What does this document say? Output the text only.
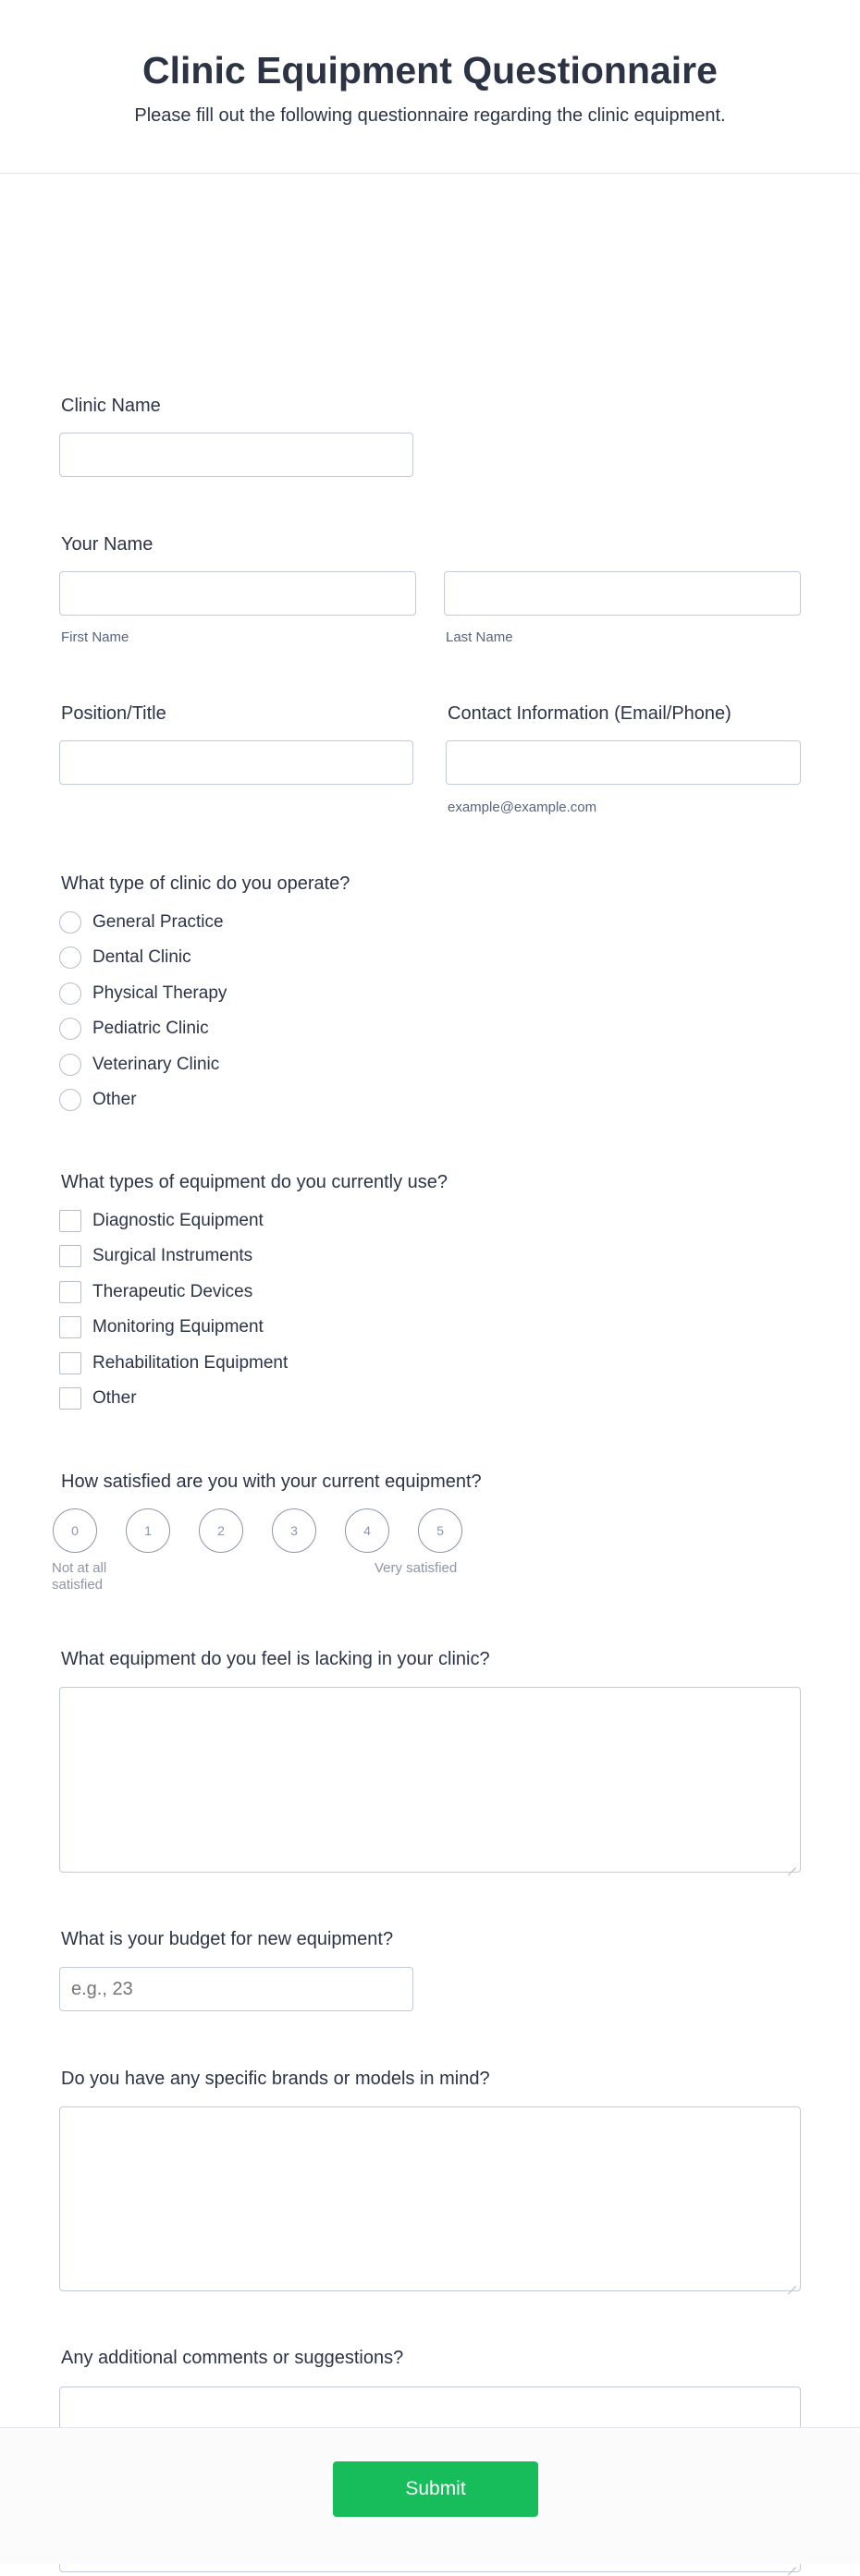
Clinic Equipment Questionnaire

Please fill out the following questionnaire regarding the clinic equipment.

Clinic Name
Your Name
First Name	Last Name
Position/Title	Contact Information (Email/Phone)
example@example.com
What type of clinic do you operate?
General Practice
Dental Clinic
Physical Therapy
Pediatric Clinic
Veterinary Clinic
Other
What types of equipment do you currently use?
Diagnostic Equipment
Surgical Instruments
Therapeutic Devices
Monitoring Equipment
Rehabilitation Equipment
Other
How satisfied are you with your current equipment?
0	1	2	3	4	5
Not at all satisfied
Very satisfied
What equipment do you feel is lacking in your clinic?
What is your budget for new equipment?
e.g., 23
Do you have any specific brands or models in mind?
Any additional comments or suggestions?
Submit
